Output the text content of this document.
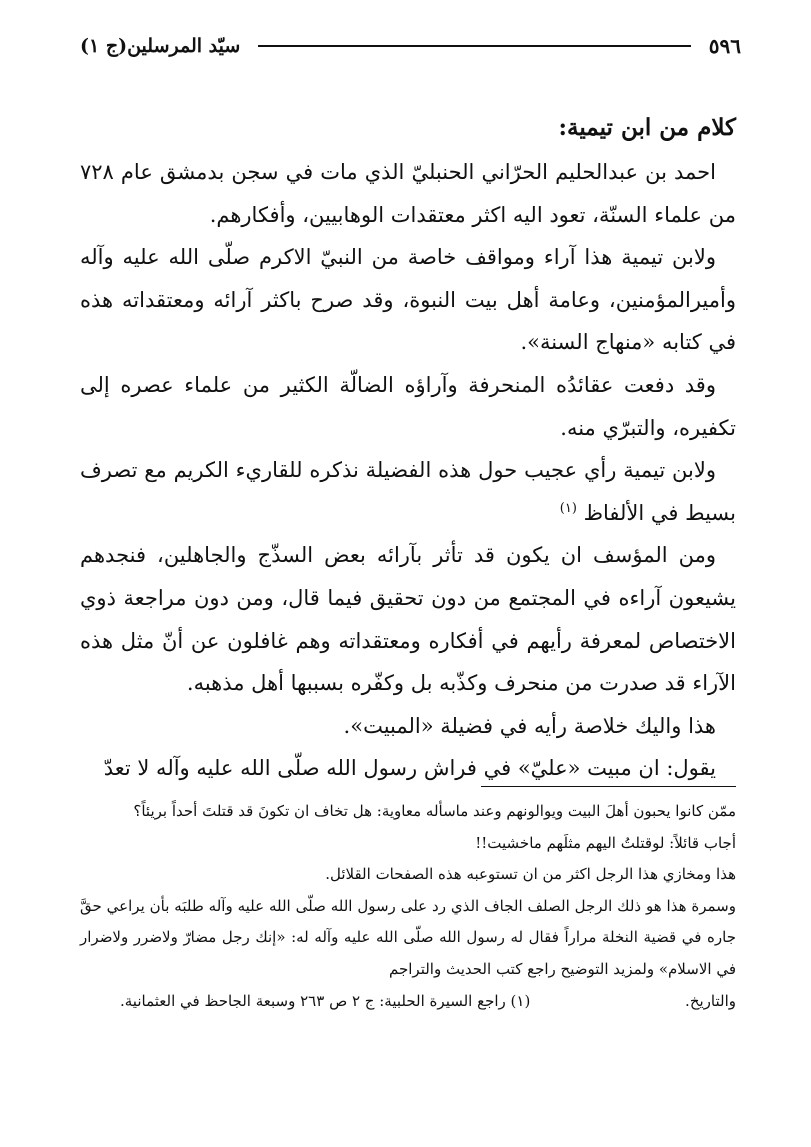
٥٩٦
سيّد المرسلين(ج ١)

كلام من ابن تيمية:

احمد بن عبدالحليم الحرّاني الحنبليّ الذي مات في سجن بدمشق عام ٧٢٨ من علماء السنّة، تعود اليه اكثر معتقدات الوهابيين، وأفكارهم.

ولابن تيمية هذا آراء ومواقف خاصة من النبيّ الاكرم صلّى الله عليه وآله وأميرالمؤمنين، وعامة أهل بيت النبوة، وقد صرح باكثر آرائه ومعتقداته هذه في كتابه «منهاج السنة».

وقد دفعت عقائدُه المنحرفة وآراؤه الضالّة الكثير من علماء عصره إلى تكفيره، والتبرّي منه.

ولابن تيمية رأي عجيب حول هذه الفضيلة نذكره للقاريء الكريم مع تصرف بسيط في الألفاظ $^{(١)}$

ومن المؤسف ان يكون قد تأثر بآرائه بعض السذّج والجاهلين، فنجدهم يشيعون آراءه في المجتمع من دون تحقيق فيما قال، ومن دون مراجعة ذوي الاختصاص لمعرفة رأيهم في أفكاره ومعتقداته وهم غافلون عن أنّ مثل هذه الآراء قد صدرت من منحرف وكذّبه بل وكفّره بسببها أهل مذهبه.

هذا واليك خلاصة رأيه في فضيلة «المبيت».

يقول: ان مبيت «عليّ» في فراش رسول الله صلّى الله عليه وآله لا تعدّ

ممّن كانوا يحبون أهلَ البيت ويوالونهم وعند ماسأله معاوية: هل تخاف ان تكونَ قد قتلتَ أحداً بريئاً؟

أجاب قائلاً: لوقتلتُ اليهم مثلَهم ماخشيت!!

هذا ومخازي هذا الرجل اكثر من ان تستوعبه هذه الصفحات القلائل.

وسمرة هذا هو ذلك الرجل الصلف الجاف الذي رد على رسول الله صلّى الله عليه وآله طلبَه بأن يراعي حقَّ جاره في قضية النخلة مراراً فقال له رسول الله صلّى الله عليه وآله له: «إنك رجل مضارّ ولاضرر ولاضرار في الاسلام» ولمزيد التوضيح راجع كتب الحديث والتراجم

والتاريخ.
(١) راجع السيرة الحلبية: ج ٢ ص ٢٦٣ وسبعة الجاحظ في العثمانية.
